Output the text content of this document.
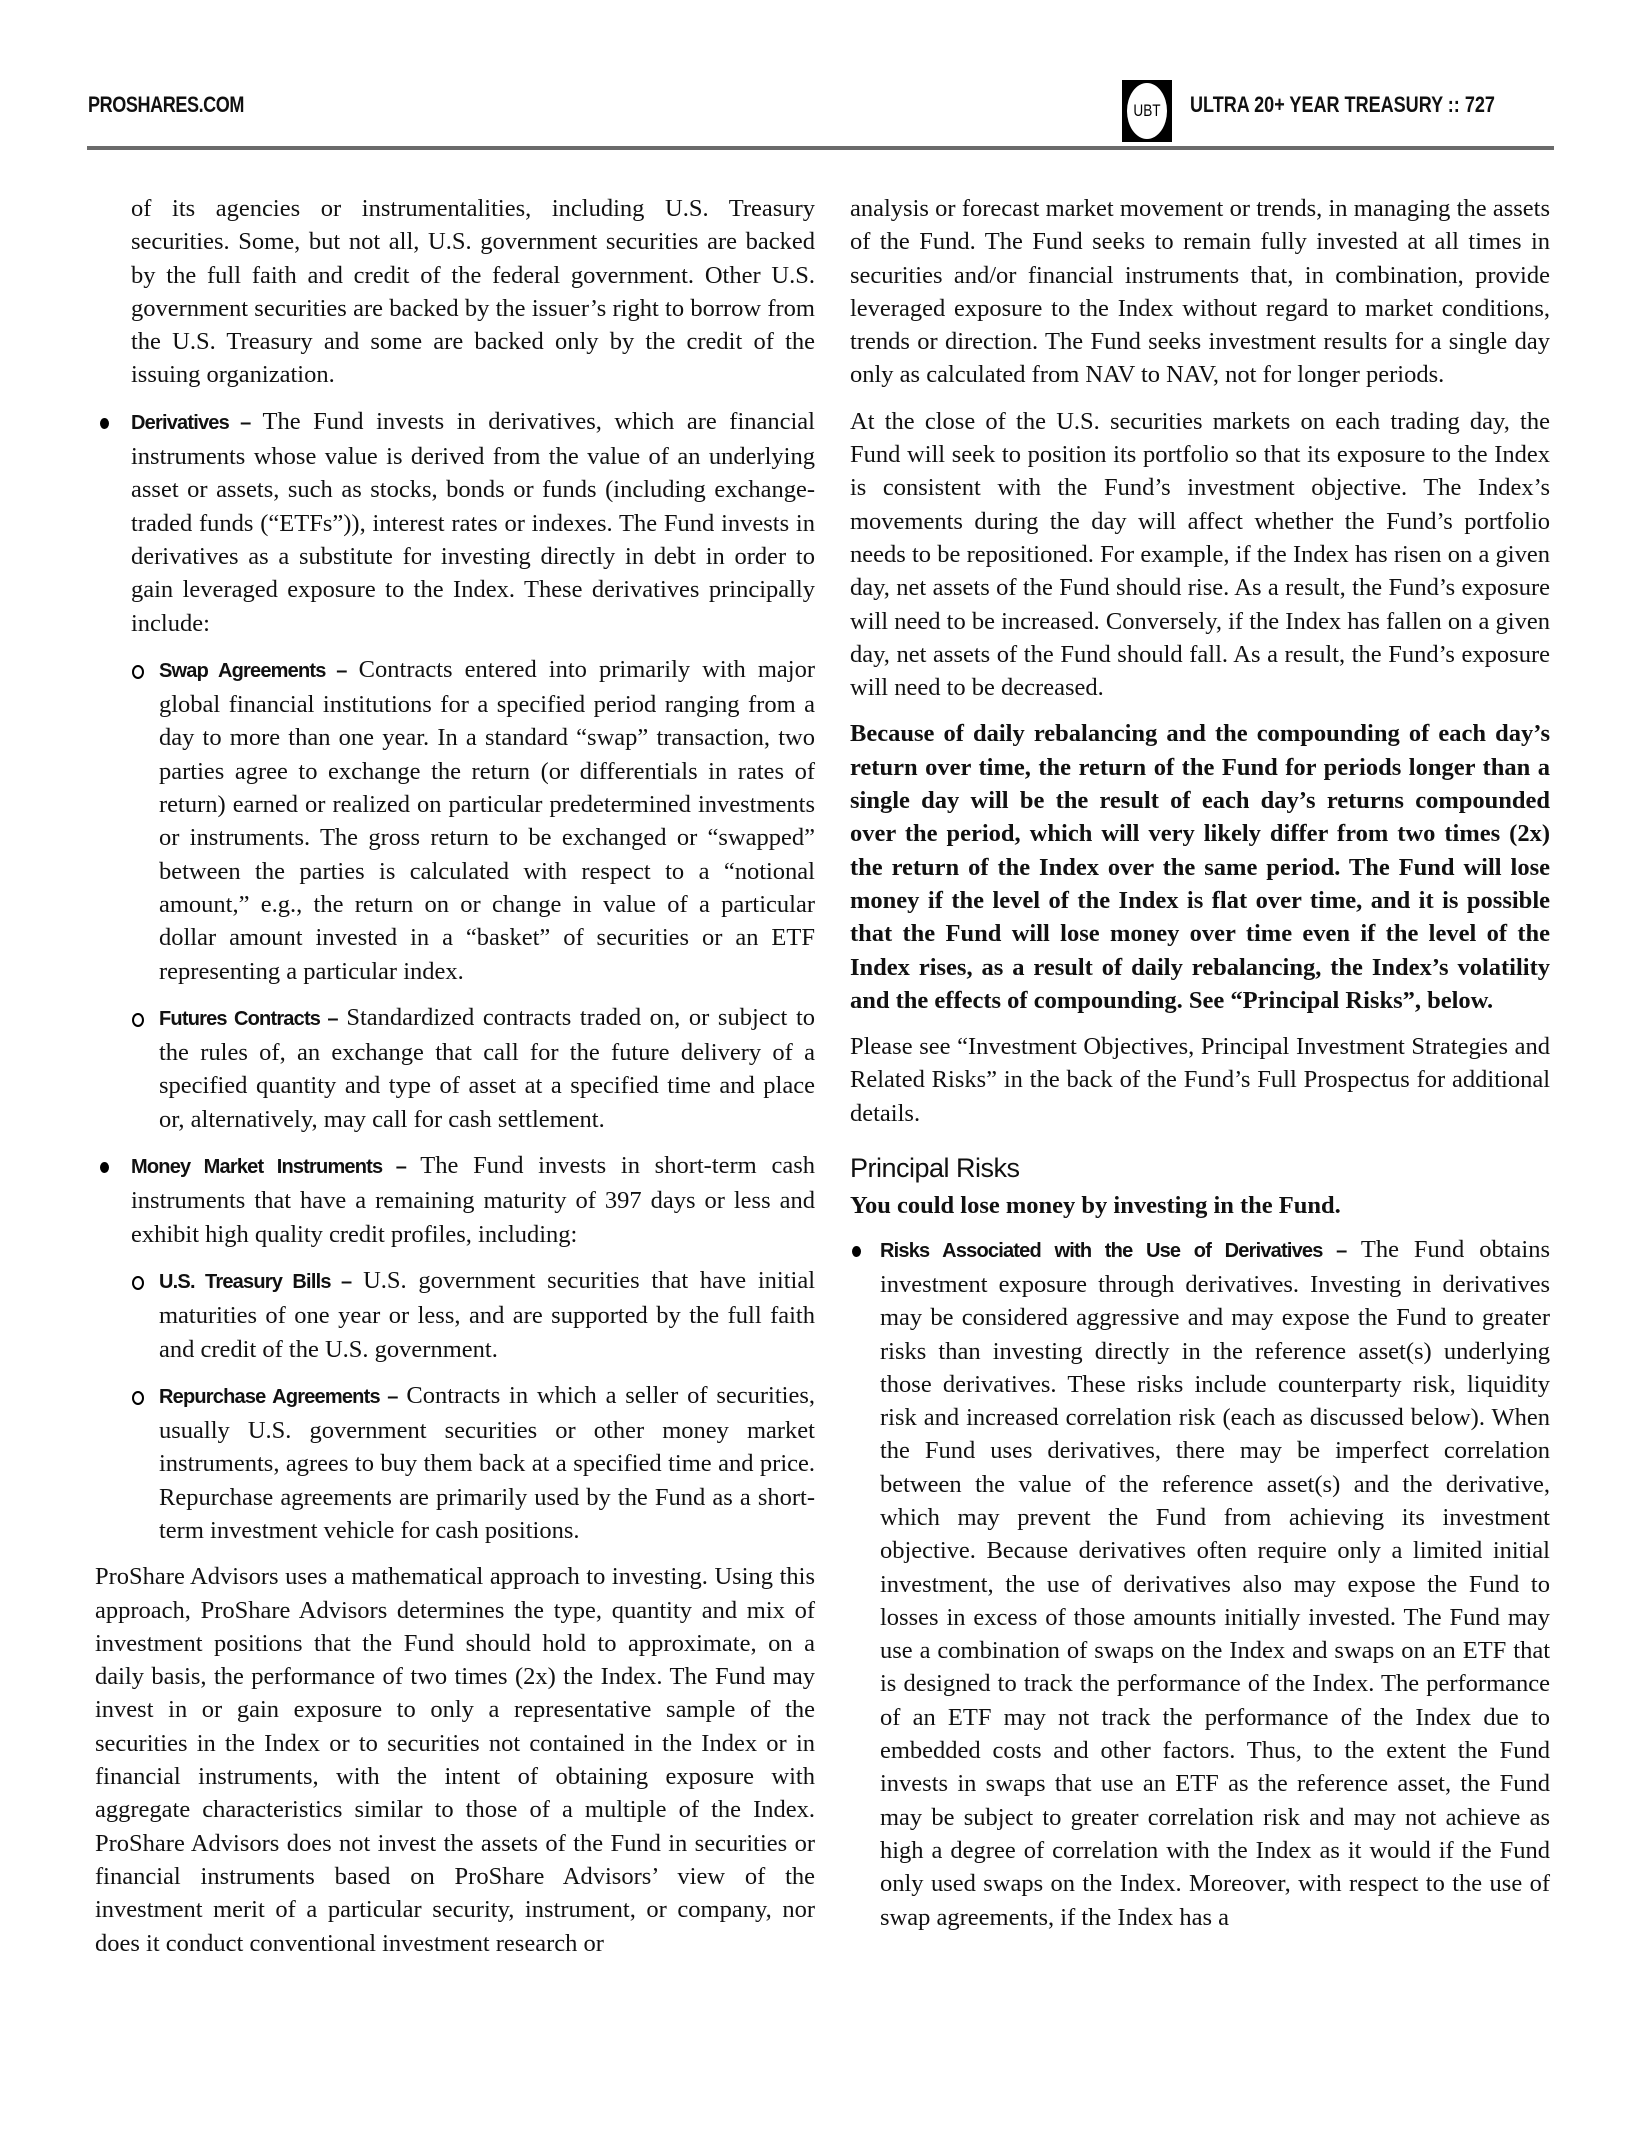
PROSHARES.COM	UBT ULTRA 20+ YEAR TREASURY :: 727

of its agencies or instrumentalities, including U.S. Treasury securities. Some, but not all, U.S. government securities are backed by the full faith and credit of the federal government. Other U.S. government securities are backed by the issuer’s right to borrow from the U.S. Treasury and some are backed only by the credit of the issuing organization.

Derivatives – The Fund invests in derivatives, which are financial instruments whose value is derived from the value of an underlying asset or assets, such as stocks, bonds or funds (including exchange-traded funds (“ETFs”)), interest rates or indexes. The Fund invests in derivatives as a substitute for investing directly in debt in order to gain leveraged exposure to the Index. These derivatives principally include:
Swap Agreements – Contracts entered into primarily with major global financial institutions for a specified period ranging from a day to more than one year. In a standard “swap” transaction, two parties agree to exchange the return (or differentials in rates of return) earned or realized on particular predetermined investments or instruments. The gross return to be exchanged or “swapped” between the parties is calculated with respect to a “notional amount,” e.g., the return on or change in value of a particular dollar amount invested in a “basket” of securities or an ETF representing a particular index.
Futures Contracts – Standardized contracts traded on, or subject to the rules of, an exchange that call for the future delivery of a specified quantity and type of asset at a specified time and place or, alternatively, may call for cash settlement.
Money Market Instruments – The Fund invests in short-term cash instruments that have a remaining maturity of 397 days or less and exhibit high quality credit profiles, including:
U.S. Treasury Bills – U.S. government securities that have initial maturities of one year or less, and are supported by the full faith and credit of the U.S. government.
Repurchase Agreements – Contracts in which a seller of securities, usually U.S. government securities or other money market instruments, agrees to buy them back at a specified time and price. Repurchase agreements are primarily used by the Fund as a short-term investment vehicle for cash positions.

ProShare Advisors uses a mathematical approach to investing. Using this approach, ProShare Advisors determines the type, quantity and mix of investment positions that the Fund should hold to approximate, on a daily basis, the performance of two times (2x) the Index. The Fund may invest in or gain exposure to only a representative sample of the securities in the Index or to securities not contained in the Index or in financial instruments, with the intent of obtaining exposure with aggregate characteristics similar to those of a multiple of the Index. ProShare Advisors does not invest the assets of the Fund in securities or financial instruments based on ProShare Advisors’ view of the investment merit of a particular security, instrument, or company, nor does it conduct conventional investment research or

analysis or forecast market movement or trends, in managing the assets of the Fund. The Fund seeks to remain fully invested at all times in securities and/or financial instruments that, in combination, provide leveraged exposure to the Index without regard to market conditions, trends or direction. The Fund seeks investment results for a single day only as calculated from NAV to NAV, not for longer periods.

At the close of the U.S. securities markets on each trading day, the Fund will seek to position its portfolio so that its exposure to the Index is consistent with the Fund’s investment objective. The Index’s movements during the day will affect whether the Fund’s portfolio needs to be repositioned. For example, if the Index has risen on a given day, net assets of the Fund should rise. As a result, the Fund’s exposure will need to be increased. Conversely, if the Index has fallen on a given day, net assets of the Fund should fall. As a result, the Fund’s exposure will need to be decreased.

Because of daily rebalancing and the compounding of each day’s return over time, the return of the Fund for periods longer than a single day will be the result of each day’s returns compounded over the period, which will very likely differ from two times (2x) the return of the Index over the same period. The Fund will lose money if the level of the Index is flat over time, and it is possible that the Fund will lose money over time even if the level of the Index rises, as a result of daily rebalancing, the Index’s volatility and the effects of compounding. See “Principal Risks”, below.

Please see “Investment Objectives, Principal Investment Strategies and Related Risks” in the back of the Fund’s Full Prospectus for additional details.

Principal Risks

You could lose money by investing in the Fund.

Risks Associated with the Use of Derivatives – The Fund obtains investment exposure through derivatives. Investing in derivatives may be considered aggressive and may expose the Fund to greater risks than investing directly in the reference asset(s) underlying those derivatives. These risks include counterparty risk, liquidity risk and increased correlation risk (each as discussed below). When the Fund uses derivatives, there may be imperfect correlation between the value of the reference asset(s) and the derivative, which may prevent the Fund from achieving its investment objective. Because derivatives often require only a limited initial investment, the use of derivatives also may expose the Fund to losses in excess of those amounts initially invested. The Fund may use a combination of swaps on the Index and swaps on an ETF that is designed to track the performance of the Index. The performance of an ETF may not track the performance of the Index due to embedded costs and other factors. Thus, to the extent the Fund invests in swaps that use an ETF as the reference asset, the Fund may be subject to greater correlation risk and may not achieve as high a degree of correlation with the Index as it would if the Fund only used swaps on the Index. Moreover, with respect to the use of swap agreements, if the Index has a
